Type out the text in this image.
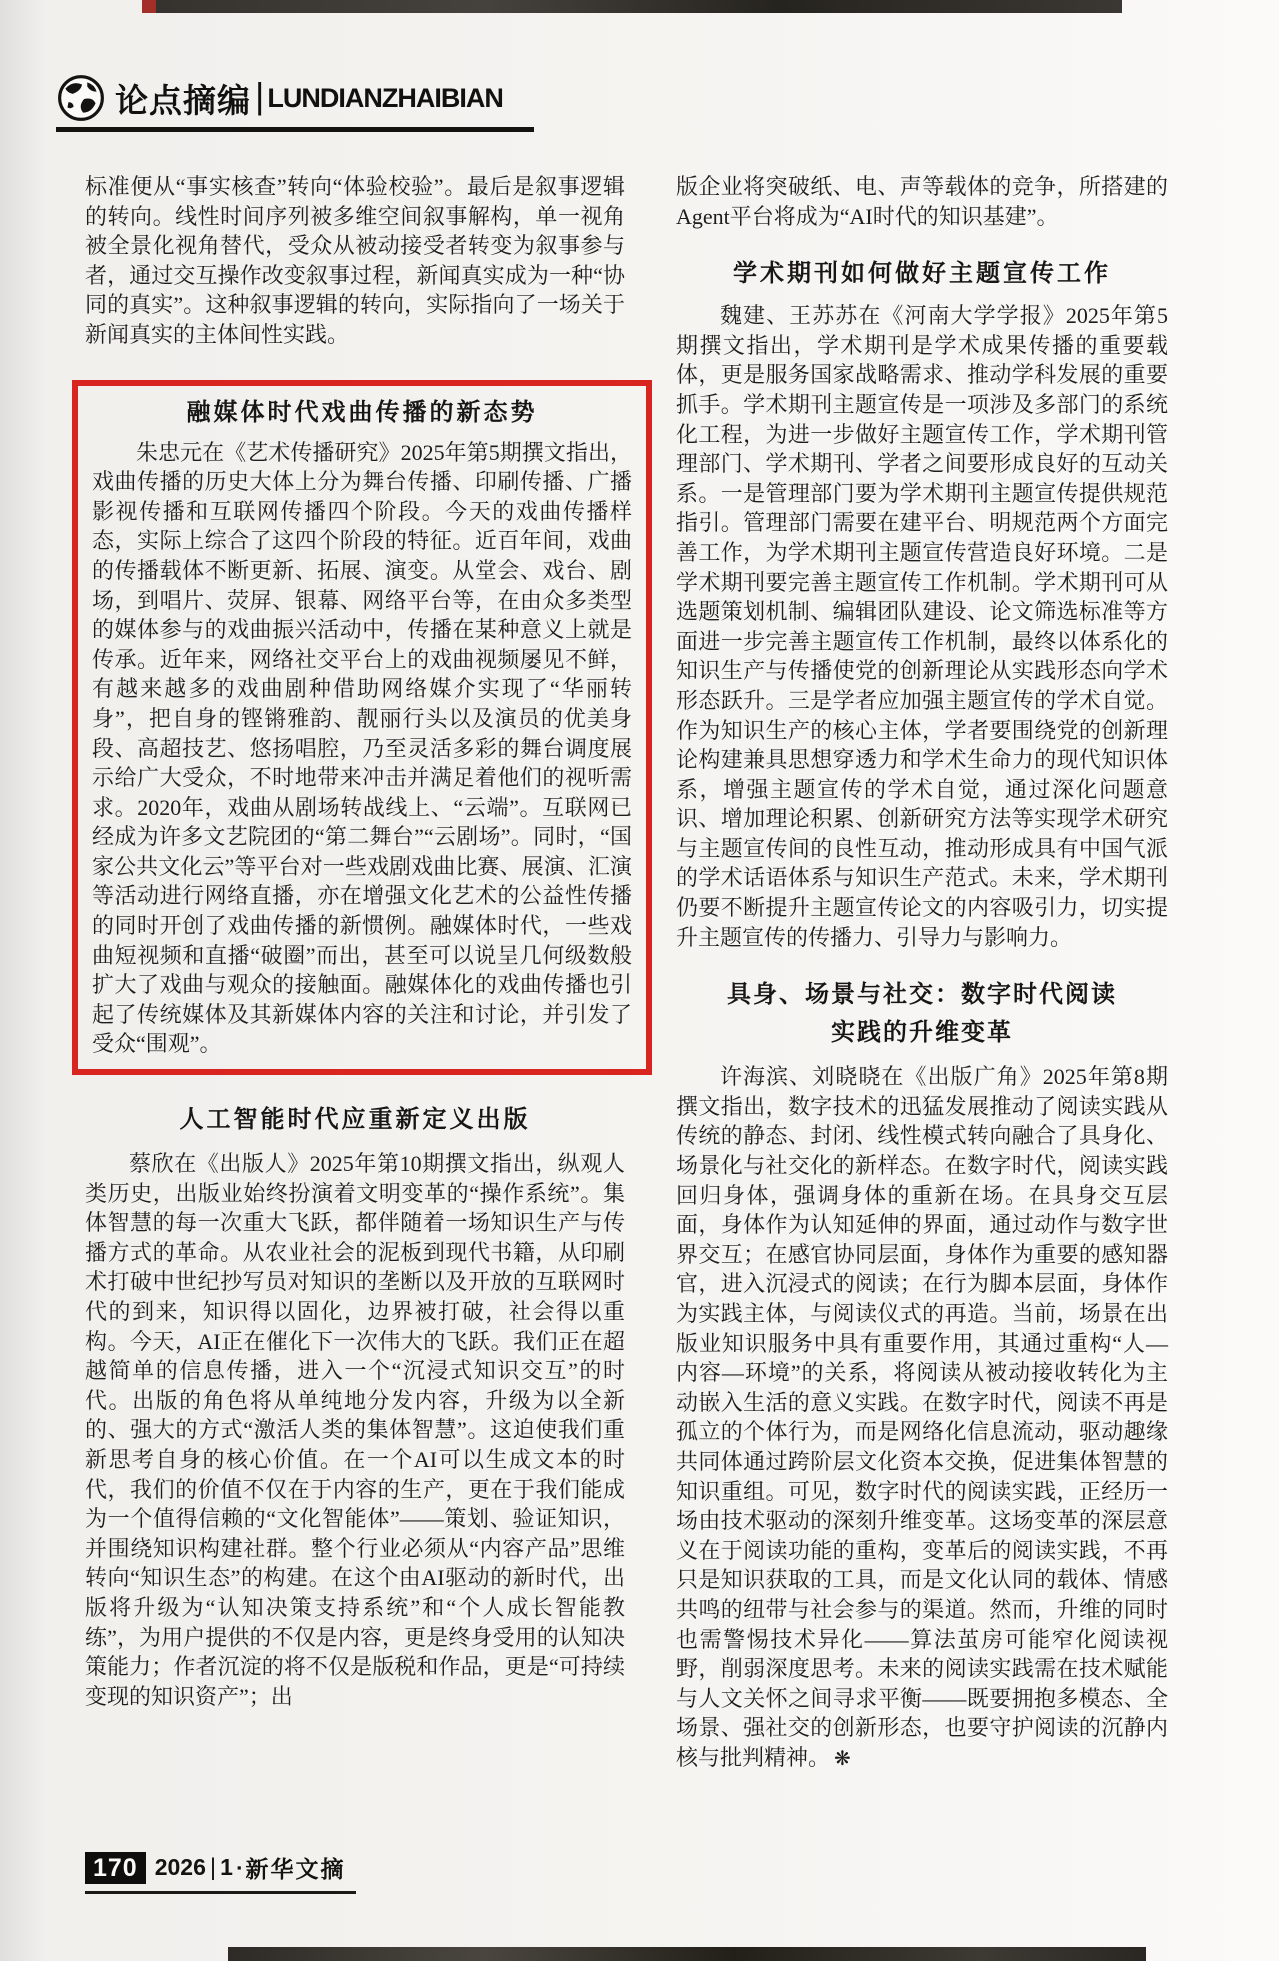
论点摘编 | LUNDIANZHAIBIAN

标准便从“事实核查”转向“体验校验”。最后是叙事逻辑的转向。线性时间序列被多维空间叙事解构，单一视角被全景化视角替代，受众从被动接受者转变为叙事参与者，通过交互操作改变叙事过程，新闻真实成为一种“协同的真实”。这种叙事逻辑的转向，实际指向了一场关于新闻真实的主体间性实践。

融媒体时代戏曲传播的新态势

朱忠元在《艺术传播研究》2025年第5期撰文指出，戏曲传播的历史大体上分为舞台传播、印刷传播、广播影视传播和互联网传播四个阶段。今天的戏曲传播样态，实际上综合了这四个阶段的特征。近百年间，戏曲的传播载体不断更新、拓展、演变。从堂会、戏台、剧场，到唱片、荧屏、银幕、网络平台等，在由众多类型的媒体参与的戏曲振兴活动中，传播在某种意义上就是传承。近年来，网络社交平台上的戏曲视频屡见不鲜，有越来越多的戏曲剧种借助网络媒介实现了“华丽转身”，把自身的铿锵雅韵、靓丽行头以及演员的优美身段、高超技艺、悠扬唱腔，乃至灵活多彩的舞台调度展示给广大受众，不时地带来冲击并满足着他们的视听需求。2020年，戏曲从剧场转战线上、“云端”。互联网已经成为许多文艺院团的“第二舞台”“云剧场”。同时，“国家公共文化云”等平台对一些戏剧戏曲比赛、展演、汇演等活动进行网络直播，亦在增强文化艺术的公益性传播的同时开创了戏曲传播的新惯例。融媒体时代，一些戏曲短视频和直播“破圈”而出，甚至可以说呈几何级数般扩大了戏曲与观众的接触面。融媒体化的戏曲传播也引起了传统媒体及其新媒体内容的关注和讨论，并引发了受众“围观”。

人工智能时代应重新定义出版

蔡欣在《出版人》2025年第10期撰文指出，纵观人类历史，出版业始终扮演着文明变革的“操作系统”。集体智慧的每一次重大飞跃，都伴随着一场知识生产与传播方式的革命。从农业社会的泥板到现代书籍，从印刷术打破中世纪抄写员对知识的垄断以及开放的互联网时代的到来，知识得以固化，边界被打破，社会得以重构。今天，AI正在催化下一次伟大的飞跃。我们正在超越简单的信息传播，进入一个“沉浸式知识交互”的时代。出版的角色将从单纯地分发内容，升级为以全新的、强大的方式“激活人类的集体智慧”。这迫使我们重新思考自身的核心价值。在一个AI可以生成文本的时代，我们的价值不仅在于内容的生产，更在于我们能成为一个值得信赖的“文化智能体”——策划、验证知识，并围绕知识构建社群。整个行业必须从“内容产品”思维转向“知识生态”的构建。在这个由AI驱动的新时代，出版将升级为“认知决策支持系统”和“个人成长智能教练”，为用户提供的不仅是内容，更是终身受用的认知决策能力；作者沉淀的将不仅是版税和作品，更是“可持续变现的知识资产”；出

版企业将突破纸、电、声等载体的竞争，所搭建的Agent平台将成为“AI时代的知识基建”。

学术期刊如何做好主题宣传工作

魏建、王苏苏在《河南大学学报》2025年第5期撰文指出，学术期刊是学术成果传播的重要载体，更是服务国家战略需求、推动学科发展的重要抓手。学术期刊主题宣传是一项涉及多部门的系统化工程，为进一步做好主题宣传工作，学术期刊管理部门、学术期刊、学者之间要形成良好的互动关系。一是管理部门要为学术期刊主题宣传提供规范指引。管理部门需要在建平台、明规范两个方面完善工作，为学术期刊主题宣传营造良好环境。二是学术期刊要完善主题宣传工作机制。学术期刊可从选题策划机制、编辑团队建设、论文筛选标准等方面进一步完善主题宣传工作机制，最终以体系化的知识生产与传播使党的创新理论从实践形态向学术形态跃升。三是学者应加强主题宣传的学术自觉。作为知识生产的核心主体，学者要围绕党的创新理论构建兼具思想穿透力和学术生命力的现代知识体系，增强主题宣传的学术自觉，通过深化问题意识、增加理论积累、创新研究方法等实现学术研究与主题宣传间的良性互动，推动形成具有中国气派的学术话语体系与知识生产范式。未来，学术期刊仍要不断提升主题宣传论文的内容吸引力，切实提升主题宣传的传播力、引导力与影响力。

具身、场景与社交：数字时代阅读
实践的升维变革

许海滨、刘晓晓在《出版广角》2025年第8期撰文指出，数字技术的迅猛发展推动了阅读实践从传统的静态、封闭、线性模式转向融合了具身化、场景化与社交化的新样态。在数字时代，阅读实践回归身体，强调身体的重新在场。在具身交互层面，身体作为认知延伸的界面，通过动作与数字世界交互；在感官协同层面，身体作为重要的感知器官，进入沉浸式的阅读；在行为脚本层面，身体作为实践主体，与阅读仪式的再造。当前，场景在出版业知识服务中具有重要作用，其通过重构“人—内容—环境”的关系，将阅读从被动接收转化为主动嵌入生活的意义实践。在数字时代，阅读不再是孤立的个体行为，而是网络化信息流动，驱动趣缘共同体通过跨阶层文化资本交换，促进集体智慧的知识重组。可见，数字时代的阅读实践，正经历一场由技术驱动的深刻升维变革。这场变革的深层意义在于阅读功能的重构，变革后的阅读实践，不再只是知识获取的工具，而是文化认同的载体、情感共鸣的纽带与社会参与的渠道。然而，升维的同时也需警惕技术异化——算法茧房可能窄化阅读视野，削弱深度思考。未来的阅读实践需在技术赋能与人文关怀之间寻求平衡——既要拥抱多模态、全场景、强社交的创新形态，也要守护阅读的沉静内核与批判精神。 ❋

170 2026 | 1 ▪ 新华文摘
